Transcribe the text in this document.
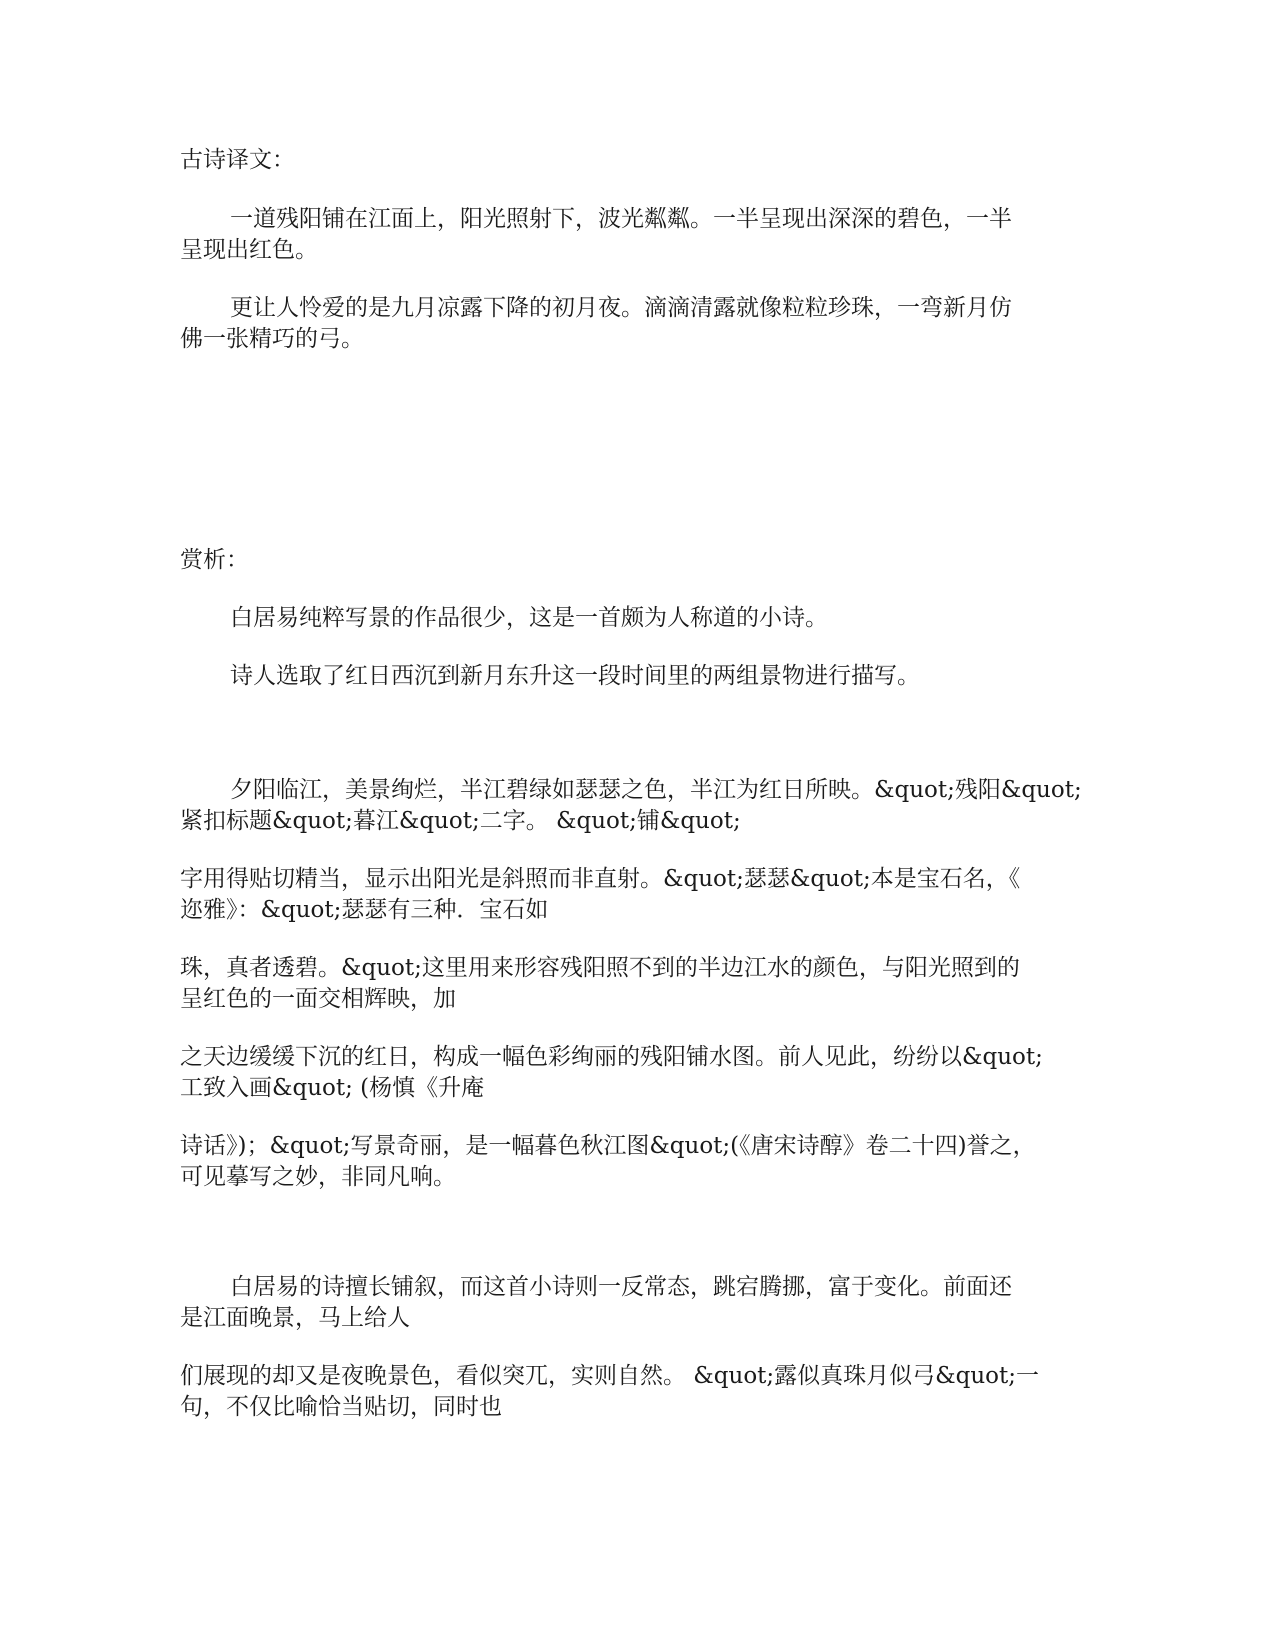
古诗译文：

一道残阳铺在江面上，阳光照射下，波光粼粼。一半呈现出深深的碧色，一半

呈现出红色。

更让人怜爱的是九月凉露下降的初月夜。滴滴清露就像粒粒珍珠，一弯新月仿

佛一张精巧的弓。

赏析：

白居易纯粹写景的作品很少，这是一首颇为人称道的小诗。

诗人选取了红日西沉到新月东升这一段时间里的两组景物进行描写。

夕阳临江，美景绚烂，半江碧绿如瑟瑟之色，半江为红日所映。&quot;残阳&quot;

紧扣标题&quot;暮江&quot;二字。 &quot;铺&quot;

字用得贴切精当，显示出阳光是斜照而非直射。&quot;瑟瑟&quot;本是宝石名，《

迩雅》：&quot;瑟瑟有三种．宝石如

珠，真者透碧。&quot;这里用来形容残阳照不到的半边江水的颜色，与阳光照到的

呈红色的一面交相辉映，加

之天边缓缓下沉的红日，构成一幅色彩绚丽的残阳铺水图。前人见此，纷纷以&quot;

工致入画&quot; (杨慎《升庵

诗话》)；&quot;写景奇丽，是一幅暮色秋江图&quot;(《唐宋诗醇》卷二十四)誉之，

可见摹写之妙，非同凡响。

白居易的诗擅长铺叙，而这首小诗则一反常态，跳宕腾挪，富于变化。前面还

是江面晚景，马上给人

们展现的却又是夜晚景色，看似突兀，实则自然。 &quot;露似真珠月似弓&quot;一

句，不仅比喻恰当贴切，同时也
